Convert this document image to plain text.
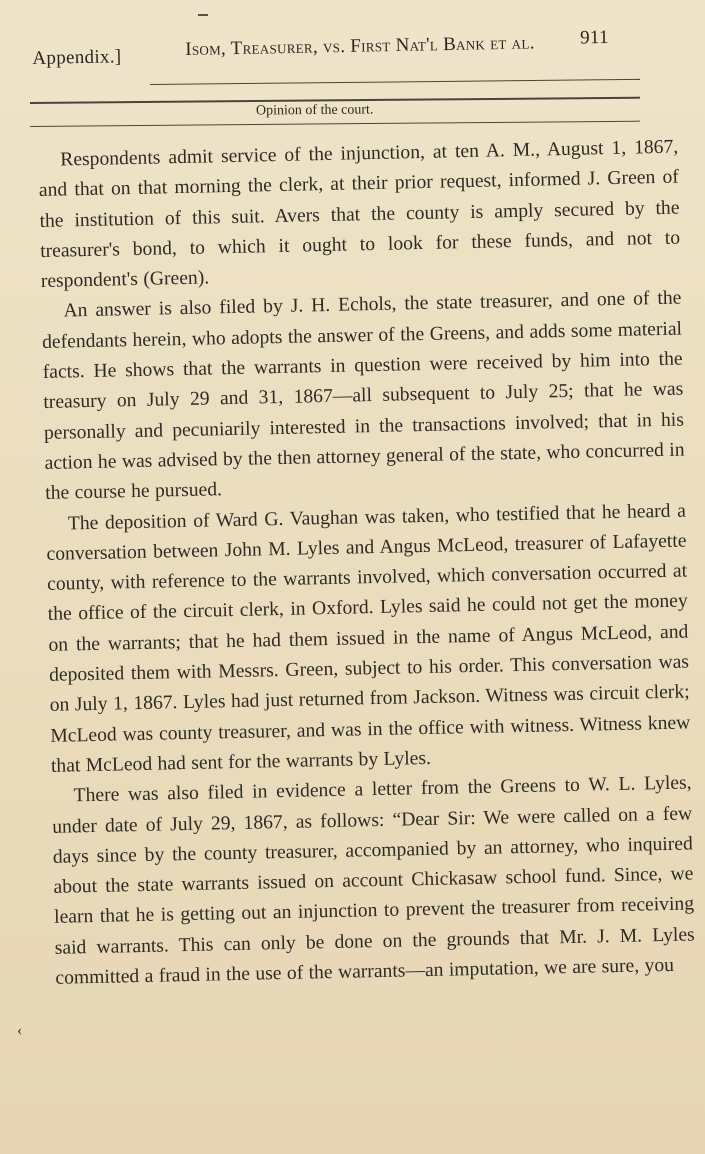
Appendix.]	Isom, Treasurer, vs. First Nat'l Bank et al. 911
Opinion of the court.

Respondents admit service of the injunction, at ten A. M., August 1, 1867, and that on that morning the clerk, at their prior request, informed J. Green of the institution of this suit. Avers that the county is amply secured by the treasurer's bond, to which it ought to look for these funds, and not to respondent's (Green).

An answer is also filed by J. H. Echols, the state treasurer, and one of the defendants herein, who adopts the answer of the Greens, and adds some material facts. He shows that the warrants in question were received by him into the treasury on July 29 and 31, 1867—all subsequent to July 25; that he was personally and pecuniarily interested in the transactions involved; that in his action he was advised by the then attorney general of the state, who concurred in the course he pursued.

The deposition of Ward G. Vaughan was taken, who testified that he heard a conversation between John M. Lyles and Angus McLeod, treasurer of Lafayette county, with reference to the warrants involved, which conversation occurred at the office of the circuit clerk, in Oxford. Lyles said he could not get the money on the warrants; that he had them issued in the name of Angus McLeod, and deposited them with Messrs. Green, subject to his order. This conversation was on July 1, 1867. Lyles had just returned from Jackson. Witness was circuit clerk; McLeod was county treasurer, and was in the office with witness. Witness knew that McLeod had sent for the warrants by Lyles.

There was also filed in evidence a letter from the Greens to W. L. Lyles, under date of July 29, 1867, as follows: “Dear Sir: We were called on a few days since by the county treasurer, accompanied by an attorney, who inquired about the state warrants issued on account Chickasaw school fund. Since, we learn that he is getting out an injunction to prevent the treasurer from receiving said warrants. This can only be done on the grounds that Mr. J. M. Lyles committed a fraud in the use of the warrants—an imputation, we are sure, you

‹
